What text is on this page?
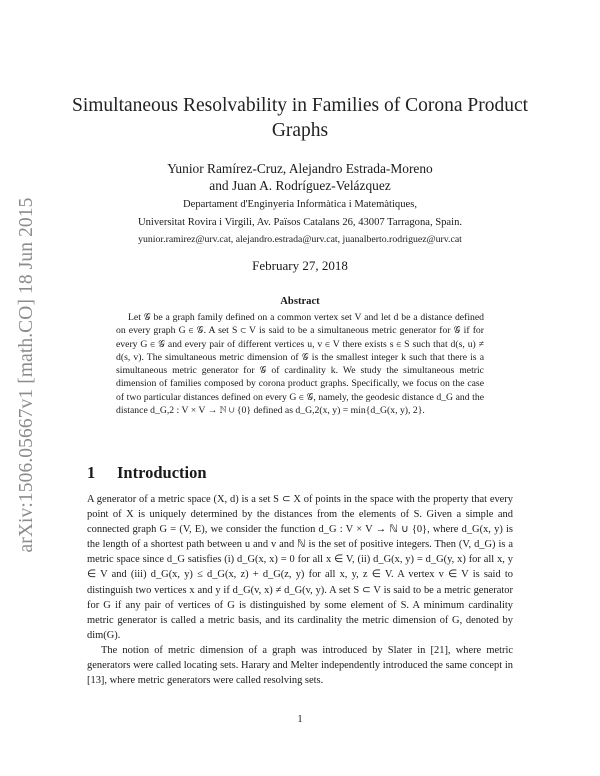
arXiv:1506.05667v1 [math.CO] 18 Jun 2015
Simultaneous Resolvability in Families of Corona Product Graphs
Yunior Ramírez-Cruz, Alejandro Estrada-Moreno
and Juan A. Rodríguez-Velázquez
Departament d'Enginyeria Informàtica i Matemàtiques,
Universitat Rovira i Virgili, Av. Països Catalans 26, 43007 Tarragona, Spain.
yunior.ramirez@urv.cat, alejandro.estrada@urv.cat, juanalberto.rodriguez@urv.cat
February 27, 2018
Abstract

Let 𝒢 be a graph family defined on a common vertex set V and let d be a distance defined on every graph G ∈ 𝒢. A set S ⊂ V is said to be a simultaneous metric generator for 𝒢 if for every G ∈ 𝒢 and every pair of different vertices u, v ∈ V there exists s ∈ S such that d(s, u) ≠ d(s, v). The simultaneous metric dimension of 𝒢 is the smallest integer k such that there is a simultaneous metric generator for 𝒢 of cardinality k. We study the simultaneous metric dimension of families composed by corona product graphs. Specifically, we focus on the case of two particular distances defined on every G ∈ 𝒢, namely, the geodesic distance d_G and the distance d_G,2 : V × V → ℕ ∪ {0} defined as d_G,2(x, y) = min{d_G(x, y), 2}.

1 Introduction

A generator of a metric space (X, d) is a set S ⊂ X of points in the space with the property that every point of X is uniquely determined by the distances from the elements of S. Given a simple and connected graph G = (V, E), we consider the function d_G : V × V → ℕ ∪ {0}, where d_G(x, y) is the length of a shortest path between u and v and ℕ is the set of positive integers. Then (V, d_G) is a metric space since d_G satisfies (i) d_G(x, x) = 0 for all x ∈ V, (ii) d_G(x, y) = d_G(y, x) for all x, y ∈ V and (iii) d_G(x, y) ≤ d_G(x, z) + d_G(z, y) for all x, y, z ∈ V. A vertex v ∈ V is said to distinguish two vertices x and y if d_G(v, x) ≠ d_G(v, y). A set S ⊂ V is said to be a metric generator for G if any pair of vertices of G is distinguished by some element of S. A minimum cardinality metric generator is called a metric basis, and its cardinality the metric dimension of G, denoted by dim(G).

The notion of metric dimension of a graph was introduced by Slater in [21], where metric generators were called locating sets. Harary and Melter independently introduced the same concept in [13], where metric generators were called resolving sets.

1
